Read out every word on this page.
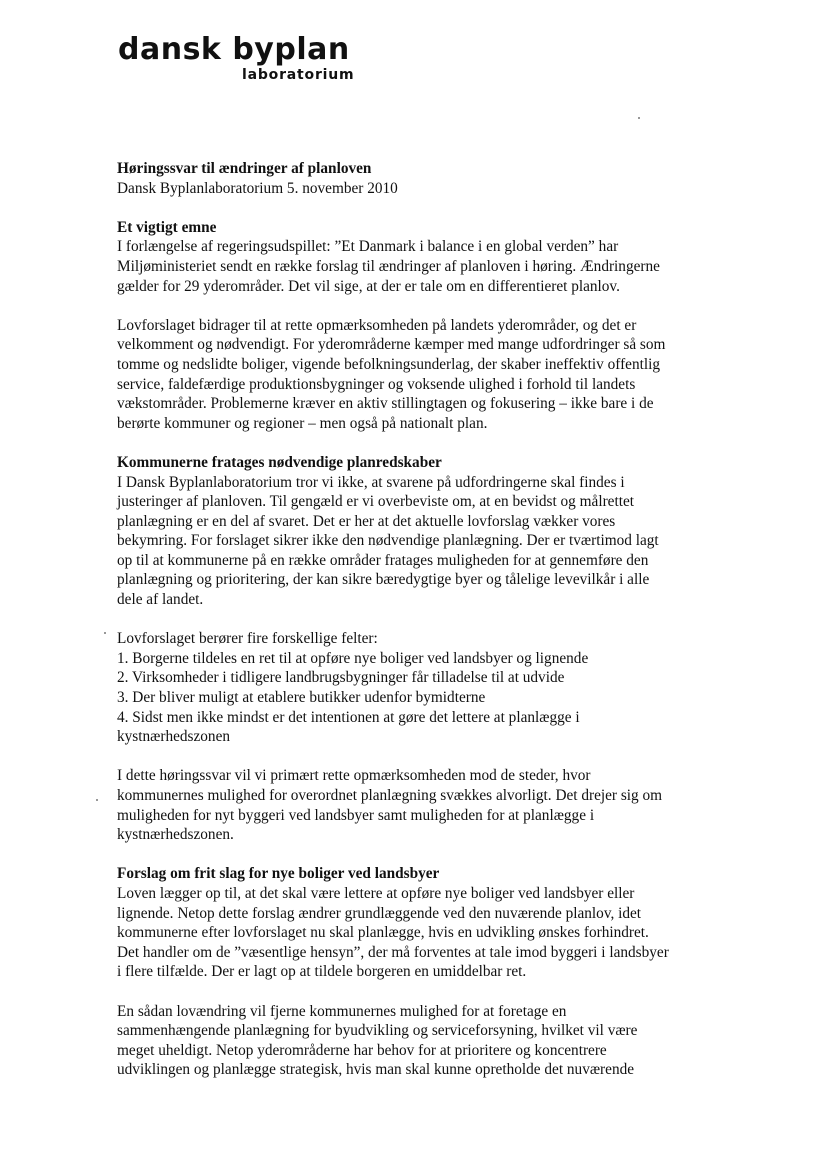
dansk byplan
laboratorium

Høringssvar til ændringer af planloven

Dansk Byplanlaboratorium 5. november 2010

Et vigtigt emne

I forlængelse af regeringsudspillet: ”Et Danmark i balance i en global verden” har
Miljøministeriet sendt en række forslag til ændringer af planloven i høring. Ændringerne
gælder for 29 yderområder. Det vil sige, at der er tale om en differentieret planlov.
Lovforslaget bidrager til at rette opmærksomheden på landets yderområder, og det er
velkomment og nødvendigt. For yderområderne kæmper med mange udfordringer så som
tomme og nedslidte boliger, vigende befolkningsunderlag, der skaber ineffektiv offentlig
service, faldefærdige produktionsbygninger og voksende ulighed i forhold til landets
vækstområder. Problemerne kræver en aktiv stillingtagen og fokusering – ikke bare i de
berørte kommuner og regioner – men også på nationalt plan.

Kommunerne fratages nødvendige planredskaber

I Dansk Byplanlaboratorium tror vi ikke, at svarene på udfordringerne skal findes i
justeringer af planloven. Til gengæld er vi overbeviste om, at en bevidst og målrettet
planlægning er en del af svaret. Det er her at det aktuelle lovforslag vækker vores
bekymring. For forslaget sikrer ikke den nødvendige planlægning. Der er tværtimod lagt
op til at kommunerne på en række områder fratages muligheden for at gennemføre den
planlægning og prioritering, der kan sikre bæredygtige byer og tålelige levevilkår i alle
dele af landet.
Lovforslaget berører fire forskellige felter:
1. Borgerne tildeles en ret til at opføre nye boliger ved landsbyer og lignende
2. Virksomheder i tidligere landbrugsbygninger får tilladelse til at udvide
3. Der bliver muligt at etablere butikker udenfor bymidterne
4. Sidst men ikke mindst er det intentionen at gøre det lettere at planlægge i
kystnærhedszonen
I dette høringssvar vil vi primært rette opmærksomheden mod de steder, hvor
kommunernes mulighed for overordnet planlægning svækkes alvorligt. Det drejer sig om
muligheden for nyt byggeri ved landsbyer samt muligheden for at planlægge i
kystnærhedszonen.

Forslag om frit slag for nye boliger ved landsbyer

Loven lægger op til, at det skal være lettere at opføre nye boliger ved landsbyer eller
lignende. Netop dette forslag ændrer grundlæggende ved den nuværende planlov, idet
kommunerne efter lovforslaget nu skal planlægge, hvis en udvikling ønskes forhindret.
Det handler om de ”væsentlige hensyn”, der må forventes at tale imod byggeri i landsbyer
i flere tilfælde. Der er lagt op at tildele borgeren en umiddelbar ret.
En sådan lovændring vil fjerne kommunernes mulighed for at foretage en
sammenhængende planlægning for byudvikling og serviceforsyning, hvilket vil være
meget uheldigt. Netop yderområderne har behov for at prioritere og koncentrere
udviklingen og planlægge strategisk, hvis man skal kunne opretholde det nuværende
